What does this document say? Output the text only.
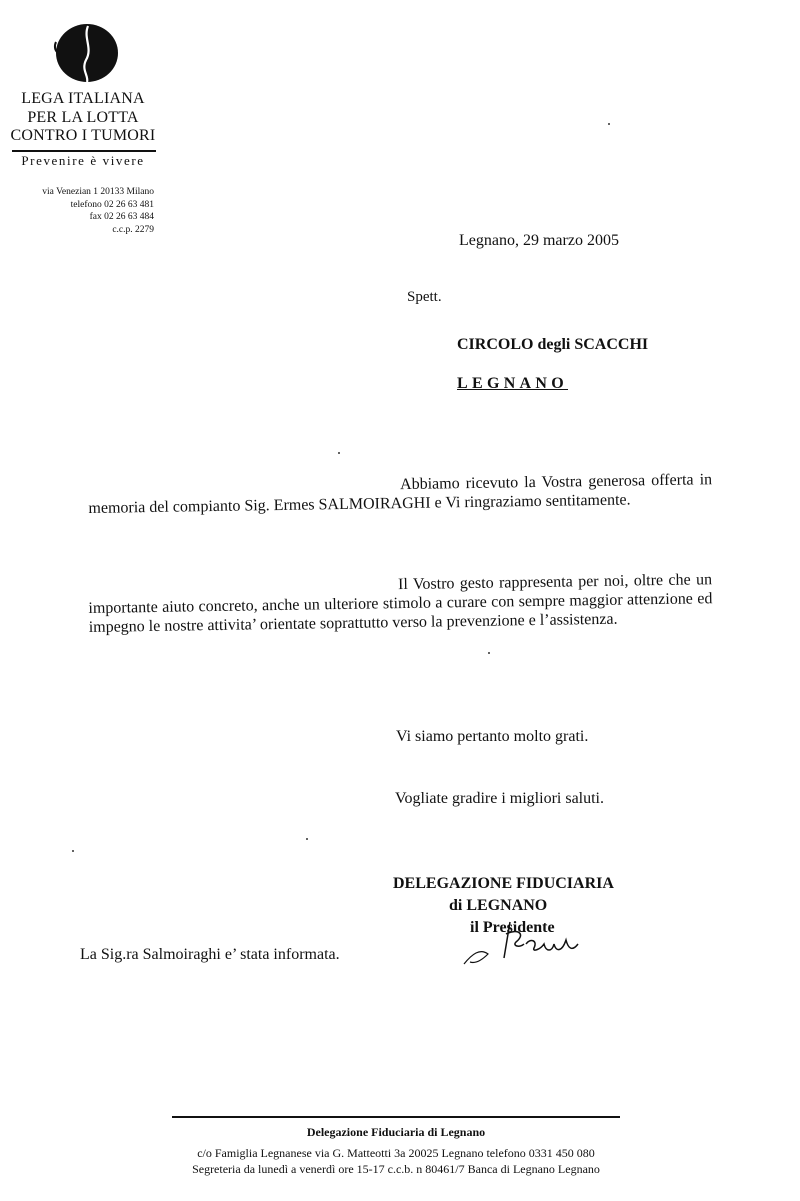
LEGA ITALIANA
PER LA LOTTA
CONTRO I TUMORI
Prevenire è vivere
via Venezian 1 20133 Milano
telefono 02 26 63 481
fax 02 26 63 484
c.c.p. 2279
Legnano, 29 marzo 2005
Spett.
CIRCOLO degli SCACCHI
LEGNANO
Abbiamo ricevuto la Vostra generosa offerta in memoria del compianto Sig. Ermes SALMOIRAGHI e Vi ringraziamo sentitamente.
Il Vostro gesto rappresenta per noi, oltre che un importante aiuto concreto, anche un ulteriore stimolo a curare con sempre maggior attenzione ed impegno le nostre attivita’ orientate soprattutto verso la prevenzione e l’assistenza.
Vi siamo pertanto molto grati.
Vogliate gradire i migliori saluti.
DELEGAZIONE FIDUCIARIA
di LEGNANO
il Presidente
La Sig.ra Salmoiraghi e’ stata informata.
Delegazione Fiduciaria di Legnano
c/o Famiglia Legnanese via G. Matteotti 3a 20025 Legnano telefono 0331 450 080
Segreteria da lunedì a venerdì ore 15-17 c.c.b. n 80461/7 Banca di Legnano Legnano
